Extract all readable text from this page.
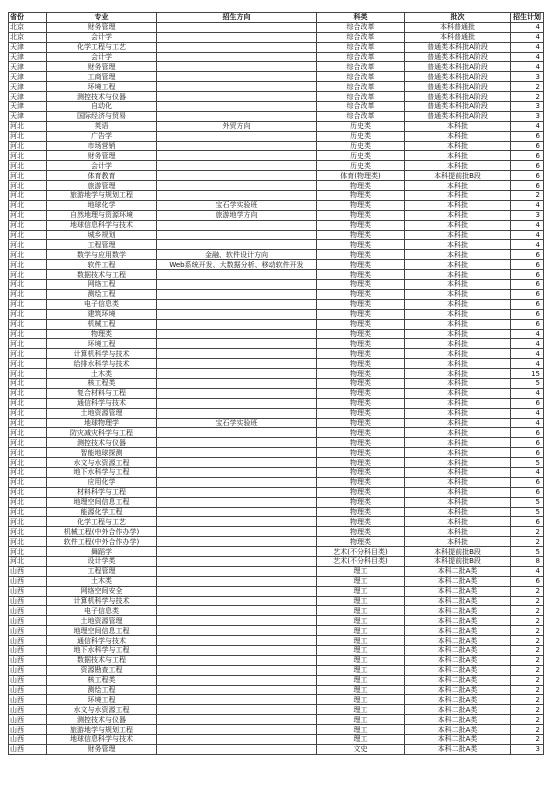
省份	专业	招生方向	科类	批次	招生计划
北京	财务管理		综合改革	本科普通批	4
北京	会计学		综合改革	本科普通批	4
天津	化学工程与工艺		综合改革	普通类本科批A阶段	4
天津	会计学		综合改革	普通类本科批A阶段	4
天津	财务管理		综合改革	普通类本科批A阶段	4
天津	工商管理		综合改革	普通类本科批A阶段	3
天津	环境工程		综合改革	普通类本科批A阶段	2
天津	测控技术与仪器		综合改革	普通类本科批A阶段	2
天津	自动化		综合改革	普通类本科批A阶段	3
天津	国际经济与贸易		综合改革	普通类本科批A阶段	3
河北	英语	外贸方向	历史类	本科批	4
河北	广告学		历史类	本科批	6
河北	市场营销		历史类	本科批	6
河北	财务管理		历史类	本科批	6
河北	会计学		历史类	本科批	6
河北	体育教育		体育(物理类)	本科提前批B段	6
河北	旅游管理		物理类	本科批	6
河北	旅游地学与规划工程		物理类	本科批	2
河北	地球化学	宝石学实验班	物理类	本科批	4
河北	自然地理与资源环境	旅游地学方向	物理类	本科批	3
河北	地球信息科学与技术		物理类	本科批	4
河北	城乡规划		物理类	本科批	4
河北	工程管理		物理类	本科批	4
河北	数学与应用数学	金融、软件设计方向	物理类	本科批	6
河北	软件工程	Web系统开发、大数据分析、移动软件开发	物理类	本科批	6
河北	数据技术与工程		物理类	本科批	6
河北	网络工程		物理类	本科批	6
河北	测绘工程		物理类	本科批	6
河北	电子信息类		物理类	本科批	6
河北	建筑环境		物理类	本科批	6
河北	机械工程		物理类	本科批	6
河北	物理类		物理类	本科批	4
河北	环境工程		物理类	本科批	4
河北	计算机科学与技术		物理类	本科批	4
河北	给排水科学与技术		物理类	本科批	4
河北	土木类		物理类	本科批	15
河北	核工程类		物理类	本科批	5
河北	复合材料与工程		物理类	本科批	4
河北	通信科学与技术		物理类	本科批	6
河北	土地资源管理		物理类	本科批	4
河北	地球物理学	宝石学实验班	物理类	本科批	4
河北	防灾减灾科学与工程		物理类	本科批	6
河北	测控技术与仪器		物理类	本科批	6
河北	智能地球探测		物理类	本科批	6
河北	水文与水资源工程		物理类	本科批	5
河北	地下水科学与工程		物理类	本科批	4
河北	应用化学		物理类	本科批	6
河北	材料科学与工程		物理类	本科批	6
河北	地理空间信息工程		物理类	本科批	5
河北	能源化学工程		物理类	本科批	5
河北	化学工程与工艺		物理类	本科批	6
河北	机械工程(中外合作办学)		物理类	本科批	2
河北	软件工程(中外合作办学)		物理类	本科批	2
河北	舞蹈学		艺术(不分科目类)	本科提前批B段	5
河北	设计学类		艺术(不分科目类)	本科提前批B段	8
山西	工程管理		理工	本科二批A类	4
山西	土木类		理工	本科二批A类	6
山西	网络空间安全		理工	本科二批A类	2
山西	计算机科学与技术		理工	本科二批A类	2
山西	电子信息类		理工	本科二批A类	2
山西	土地资源管理		理工	本科二批A类	2
山西	地理空间信息工程		理工	本科二批A类	2
山西	通信科学与技术		理工	本科二批A类	2
山西	地下水科学与工程		理工	本科二批A类	2
山西	数据技术与工程		理工	本科二批A类	2
山西	资源勘查工程		理工	本科二批A类	2
山西	核工程类		理工	本科二批A类	2
山西	测绘工程		理工	本科二批A类	2
山西	环境工程		理工	本科二批A类	2
山西	水文与水资源工程		理工	本科二批A类	2
山西	测控技术与仪器		理工	本科二批A类	2
山西	旅游地学与规划工程		理工	本科二批A类	2
山西	地球信息科学与技术		理工	本科二批A类	2
山西	财务管理		文史	本科二批A类	3
